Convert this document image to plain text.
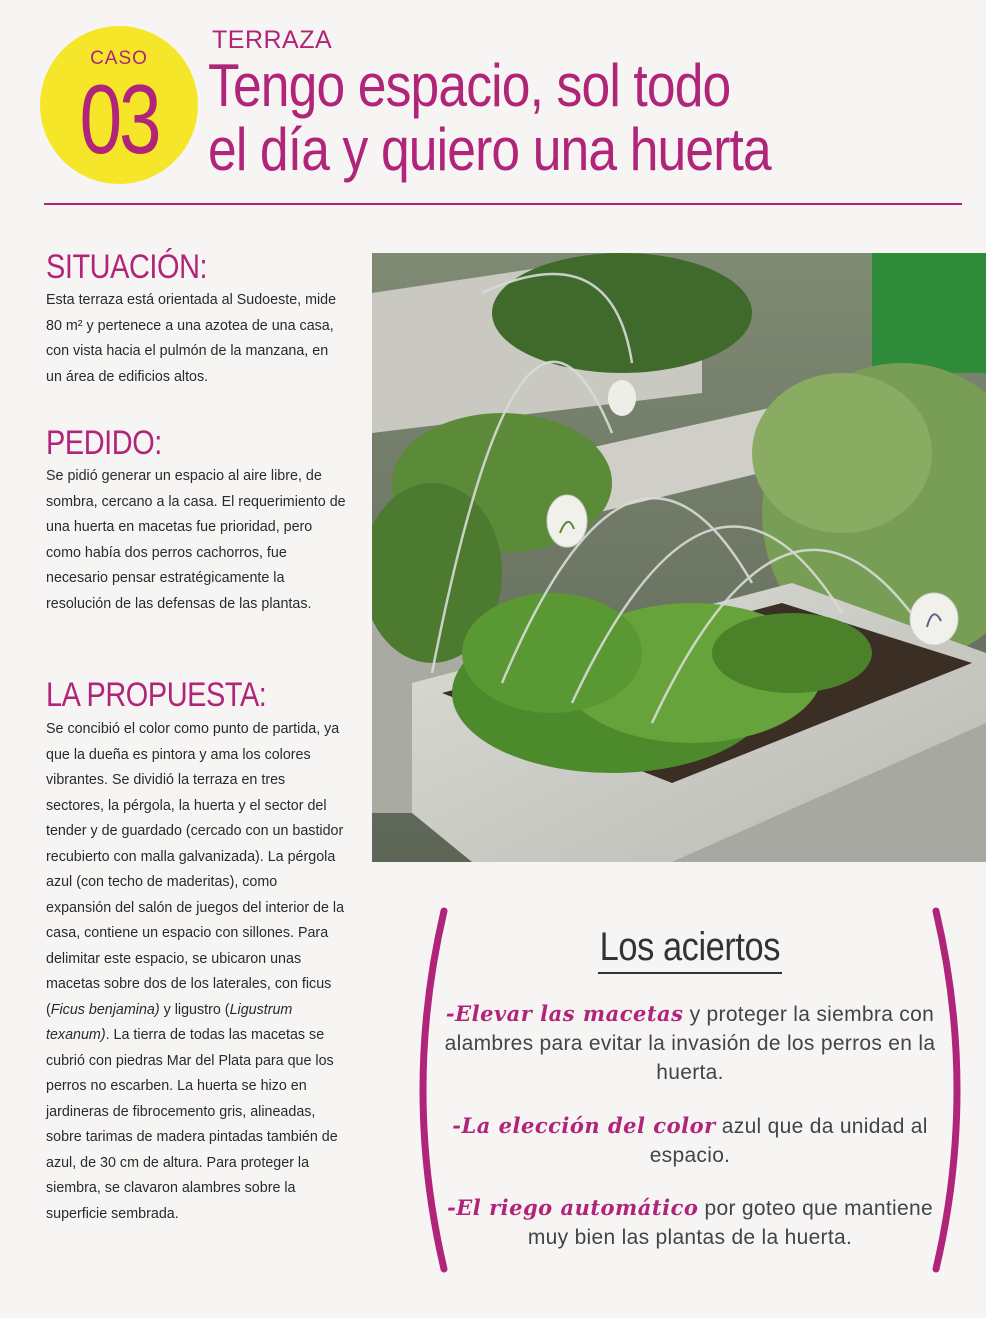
CASO
03
TERRAZA
Tengo espacio, sol todo
el día y quiero una huerta
SITUACIÓN:
Esta terraza está orientada al Sudoeste, mide 80 m² y pertenece a una azotea de una casa, con vista hacia el pulmón de la manzana, en un área de edificios altos.
PEDIDO:
Se pidió generar un espacio al aire libre, de sombra, cercano a la casa. El requerimiento de una huerta en macetas fue prioridad, pero como había dos perros cachorros, fue necesario pensar estratégicamente la resolución de las defensas de las plantas.
LA PROPUESTA:
Se concibió el color como punto de partida, ya que la dueña es pintora y ama los colores vibrantes. Se dividió la terraza en tres sectores, la pérgola, la huerta y el sector del tender y de guardado (cercado con un bastidor recubierto con malla galvanizada). La pérgola azul (con techo de maderitas), como expansión del salón de juegos del interior de la casa, contiene un espacio con sillones. Para delimitar este espacio, se ubicaron unas macetas sobre dos de los laterales, con ficus (Ficus benjamina) y ligustro (Ligustrum texanum). La tierra de todas las macetas se cubrió con piedras Mar del Plata para que los perros no escarben. La huerta se hizo en jardineras de fibrocemento gris, alineadas, sobre tarimas de madera pintadas también de azul, de 30 cm de altura. Para proteger la siembra, se clavaron alambres sobre la superficie sembrada.
Los aciertos
-Elevar las macetas y proteger la siembra con alambres para evitar la invasión de los perros en la huerta.
-La elección del color azul que da unidad al espacio.
-El riego automático por goteo que mantiene muy bien las plantas de la huerta.
